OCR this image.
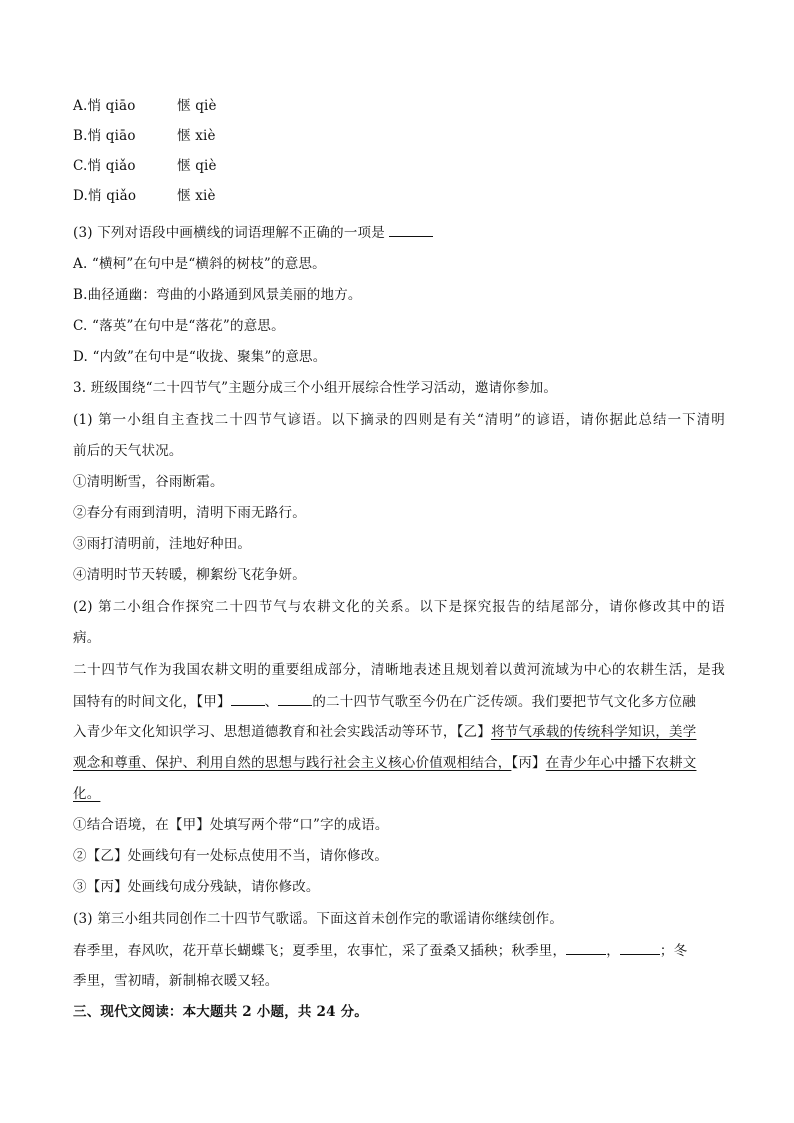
A.悄 qiāo	惬 qiè
B.悄 qiāo	惬 xiè
C.悄 qiǎo	惬 qiè
D.悄 qiǎo	惬 xiè
(3) 下列对语段中画横线的词语理解不正确的一项是
A. “横柯”在句中是“横斜的树枝”的意思。
B.曲径通幽：弯曲的小路通到风景美丽的地方。
C. “落英”在句中是“落花”的意思。
D. “内敛”在句中是“收拢、聚集”的意思。
3. 班级围绕“二十四节气”主题分成三个小组开展综合性学习活动，邀请你参加。
(1) 第一小组自主查找二十四节气谚语。以下摘录的四则是有关“清明”的谚语，请你据此总结一下清明
前后的天气状况。
①清明断雪，谷雨断霜。
②春分有雨到清明，清明下雨无路行。
③雨打清明前，洼地好种田。
④清明时节天转暖，柳絮纷飞花争妍。
(2) 第二小组合作探究二十四节气与农耕文化的关系。以下是探究报告的结尾部分，请你修改其中的语
病。
二十四节气作为我国农耕文明的重要组成部分，清晰地表述且规划着以黄河流域为中心的农耕生活，是我
国特有的时间文化，【甲】	、	的二十四节气歌至今仍在广泛传颂。我们要把节气文化多方位融
入青少年文化知识学习、思想道德教育和社会实践活动等环节，【乙】将节气承载的传统科学知识，美学
观念和尊重、保护、利用自然的思想与践行社会主义核心价值观相结合，【丙】在青少年心中播下农耕文
化。
①结合语境，在【甲】处填写两个带“口”字的成语。
②【乙】处画线句有一处标点使用不当，请你修改。
③【丙】处画线句成分残缺，请你修改。
(3) 第三小组共同创作二十四节气歌谣。下面这首未创作完的歌谣请你继续创作。
春季里，春风吹，花开草长蝴蝶飞；夏季里，农事忙，采了蚕桑又插秧；秋季里，	，	；冬
季里，雪初晴，新制棉衣暖又轻。
三、现代文阅读：本大题共 2 小题，共 24 分。
